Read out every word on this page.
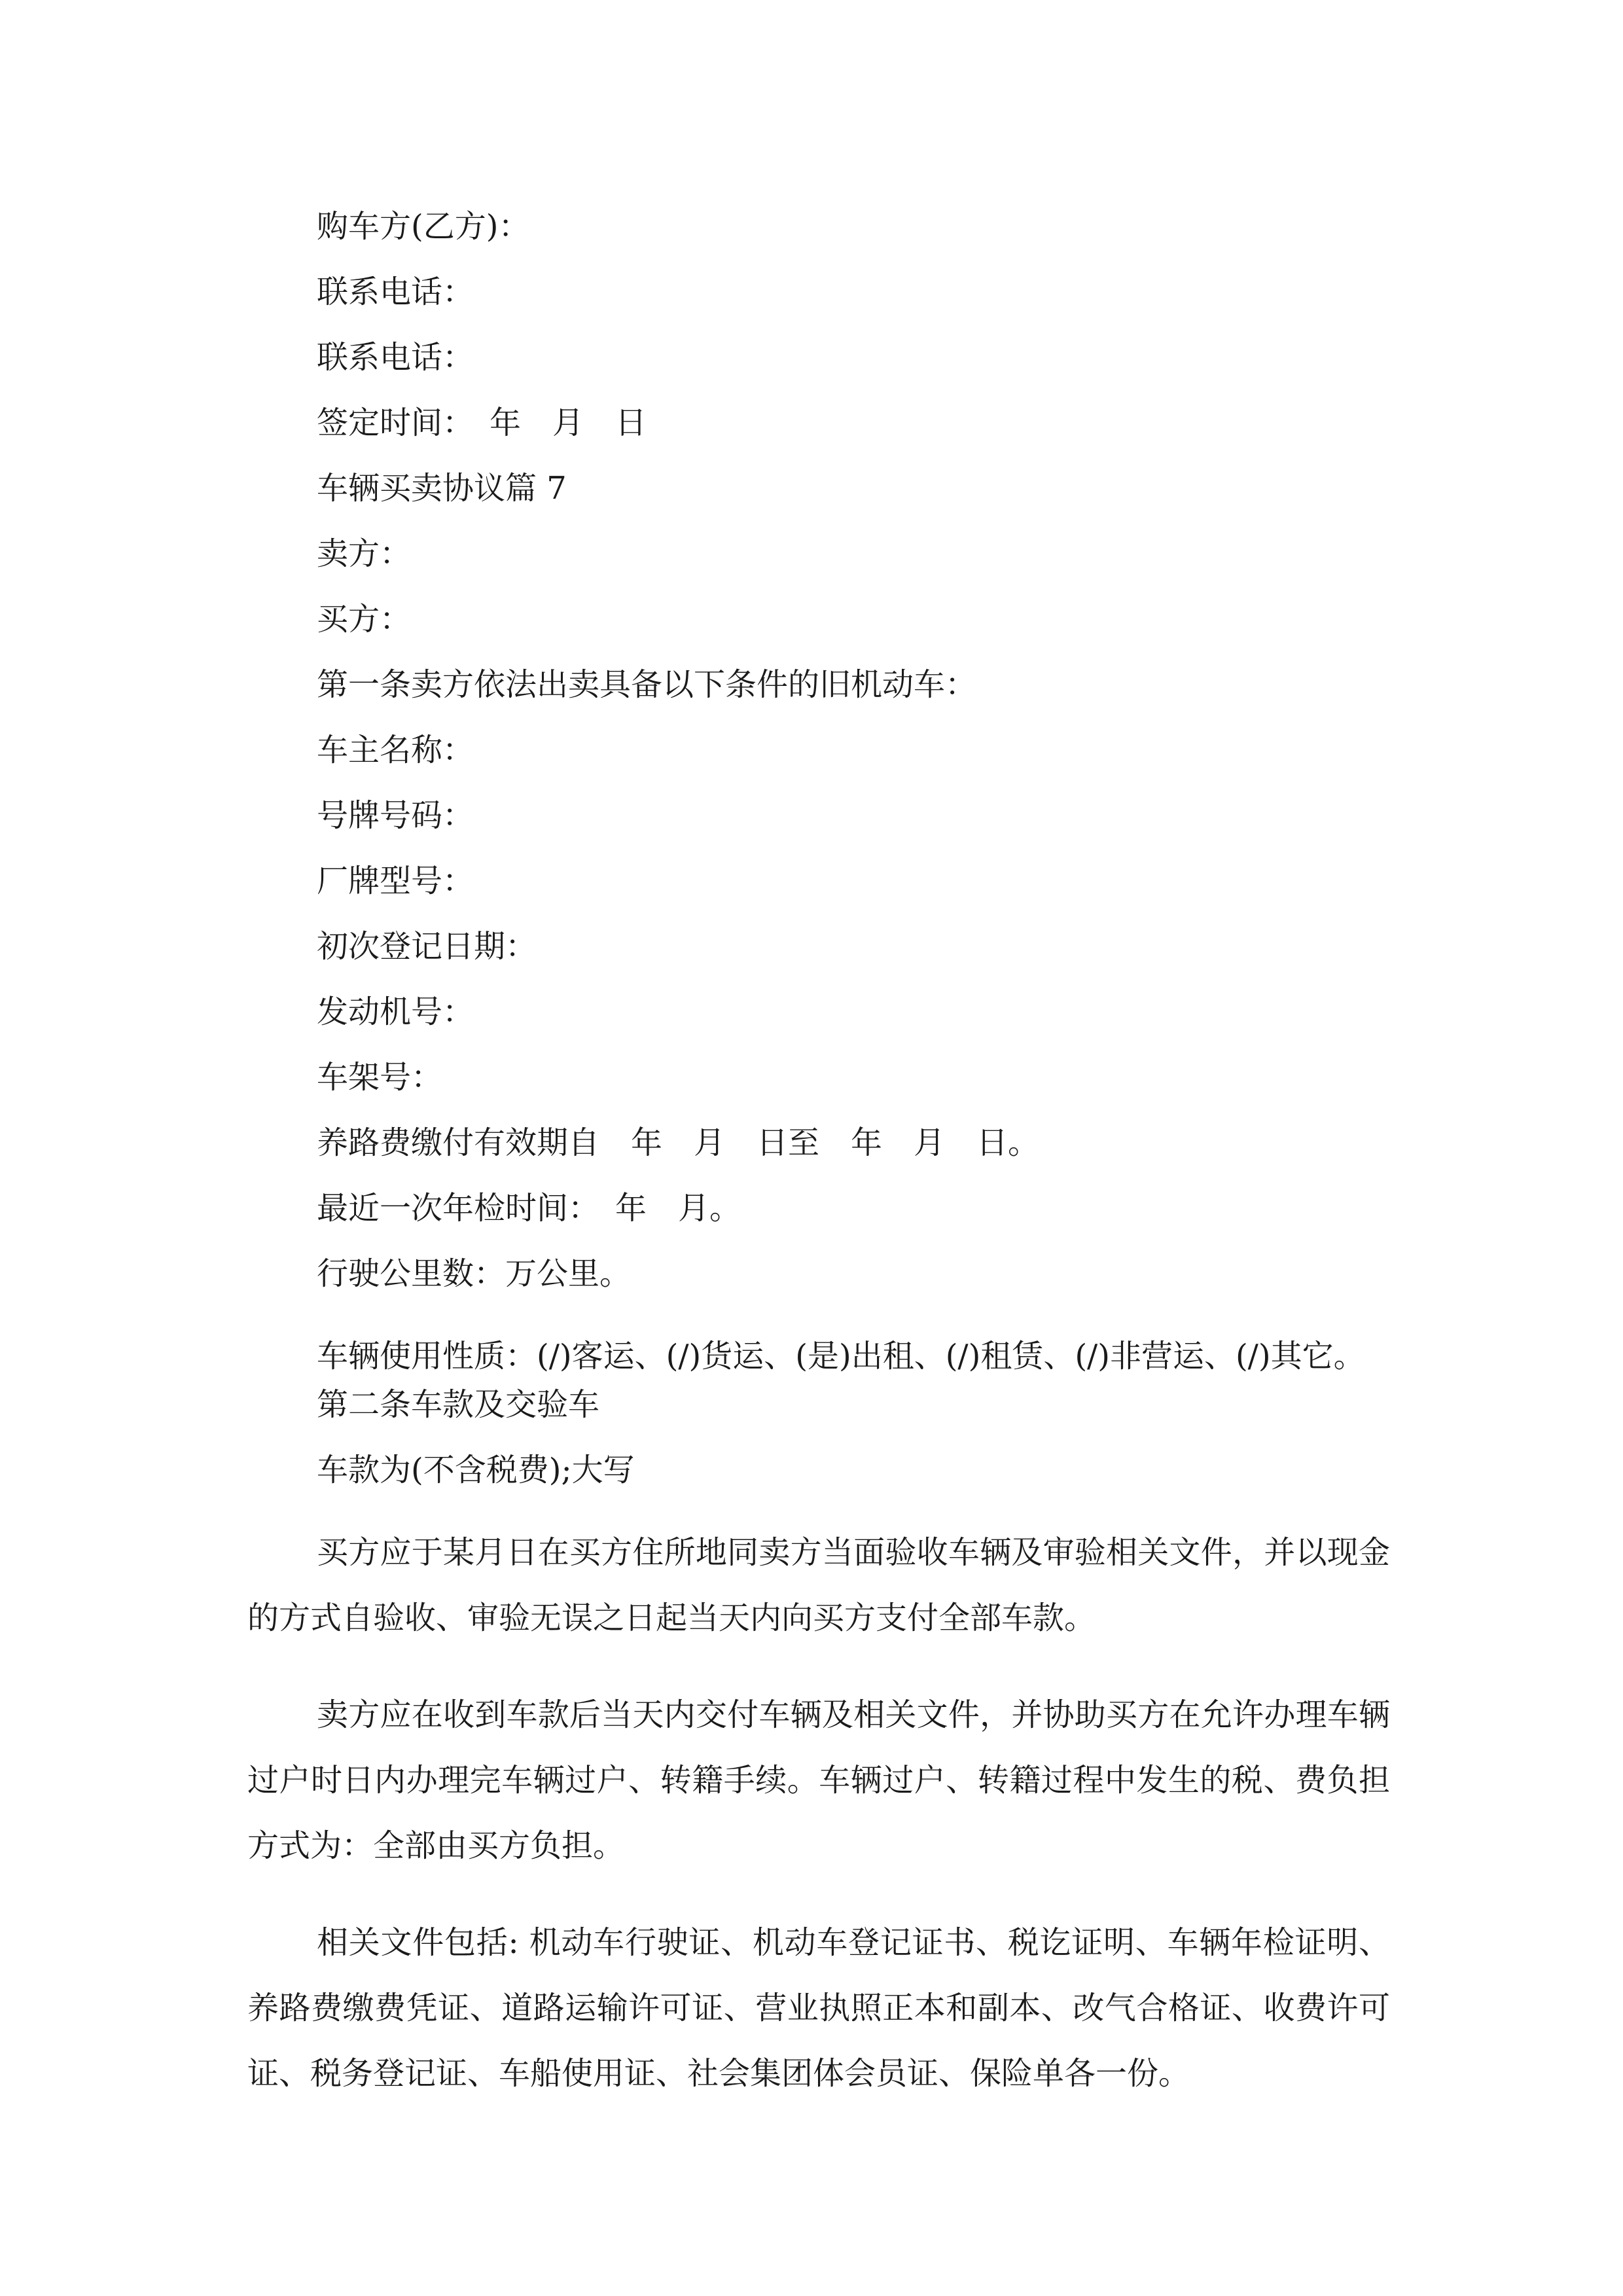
购车方(乙方)：

联系电话：

联系电话：

签定时间：　年　月　日

车辆买卖协议篇 7

卖方：

买方：

第一条卖方依法出卖具备以下条件的旧机动车：

车主名称：

号牌号码：

厂牌型号：

初次登记日期：

发动机号：

车架号：

养路费缴付有效期自　年　月　日至　年　月　日。

最近一次年检时间：　年　月。

行驶公里数：万公里。

车辆使用性质：(/)客运、(/)货运、(是)出租、(/)租赁、(/)非营运、(/)其它。

第二条车款及交验车

车款为(不含税费);大写

买方应于某月日在买方住所地同卖方当面验收车辆及审验相关文件，并以现金的方式自验收、审验无误之日起当天内向买方支付全部车款。

卖方应在收到车款后当天内交付车辆及相关文件，并协助买方在允许办理车辆过户时日内办理完车辆过户、转籍手续。车辆过户、转籍过程中发生的税、费负担方式为：全部由买方负担。

相关文件包括: 机动车行驶证、机动车登记证书、税讫证明、车辆年检证明、养路费缴费凭证、道路运输许可证、营业执照正本和副本、改气合格证、收费许可证、税务登记证、车船使用证、社会集团体会员证、保险单各一份。
